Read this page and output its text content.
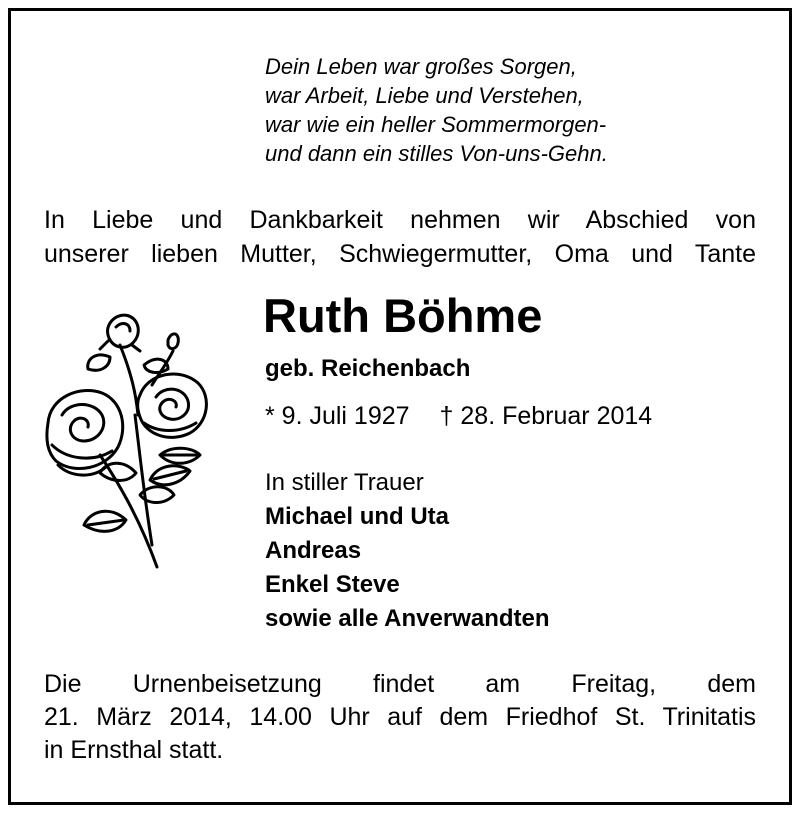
Dein Leben war großes Sorgen,
war Arbeit, Liebe und Verstehen,
war wie ein heller Sommermorgen-
und dann ein stilles Von-uns-Gehn.
In Liebe und Dankbarkeit nehmen wir Abschied von
unserer lieben Mutter, Schwiegermutter, Oma und Tante
Ruth Böhme
geb. Reichenbach
* 9. Juli 1927 † 28. Februar 2014
In stiller Trauer
Michael und Uta
Andreas
Enkel Steve
sowie alle Anverwandten
Die Urnenbeisetzung findet am Freitag, dem
21. März 2014, 14.00 Uhr auf dem Friedhof St. Trinitatis
in Ernsthal statt.
